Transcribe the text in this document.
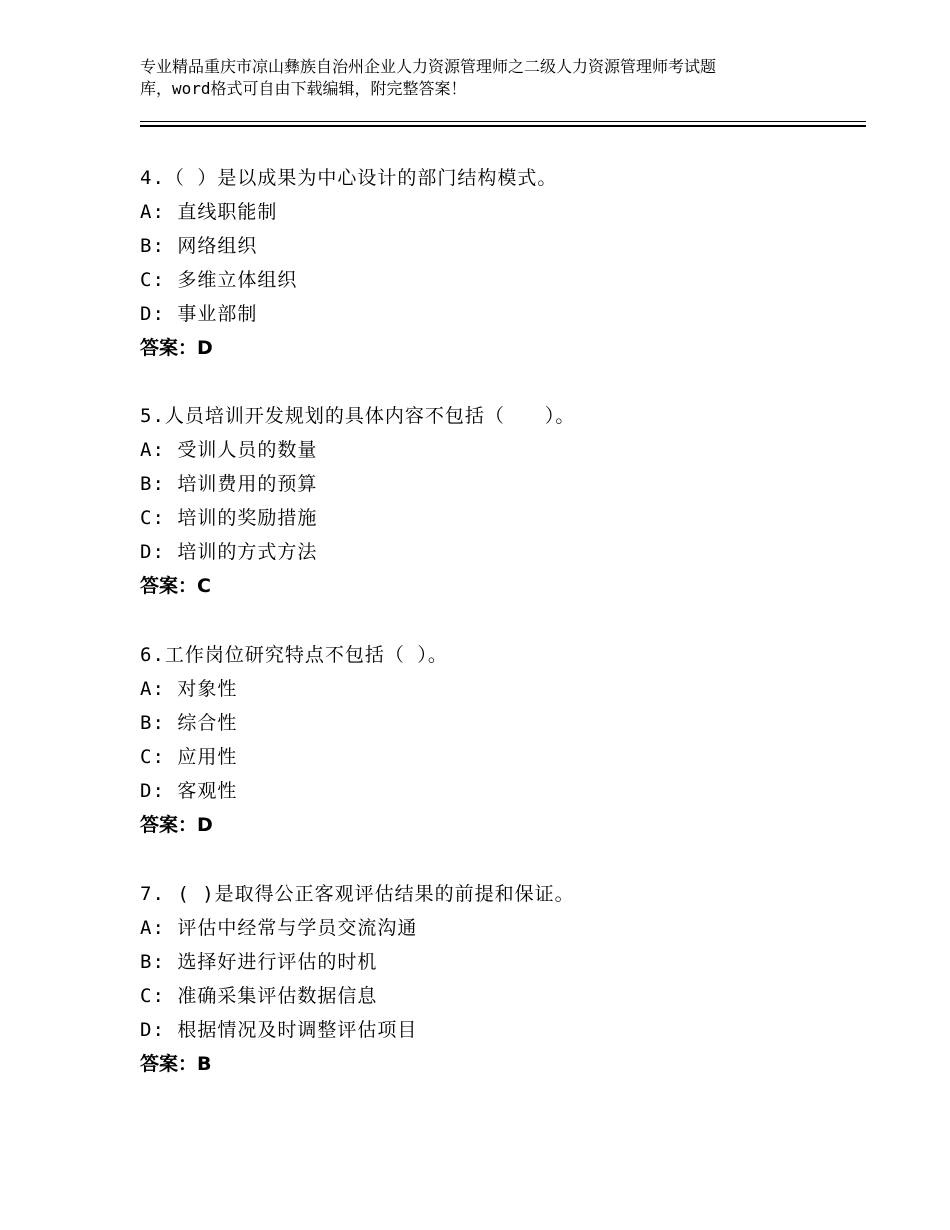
专业精品重庆市凉山彝族自治州企业人力资源管理师之二级人力资源管理师考试题
库，word格式可自由下载编辑，附完整答案！
4.（ ）是以成果为中心设计的部门结构模式。
A: 直线职能制
B: 网络组织
C: 多维立体组织
D: 事业部制
答案：D
5.人员培训开发规划的具体内容不包括（　　）。
A: 受训人员的数量
B: 培训费用的预算
C: 培训的奖励措施
D: 培训的方式方法
答案：C
6.工作岗位研究特点不包括（ ）。
A: 对象性
B: 综合性
C: 应用性
D: 客观性
答案：D
7. ( )是取得公正客观评估结果的前提和保证。
A: 评估中经常与学员交流沟通
B: 选择好进行评估的时机
C: 准确采集评估数据信息
D: 根据情况及时调整评估项目
答案：B
